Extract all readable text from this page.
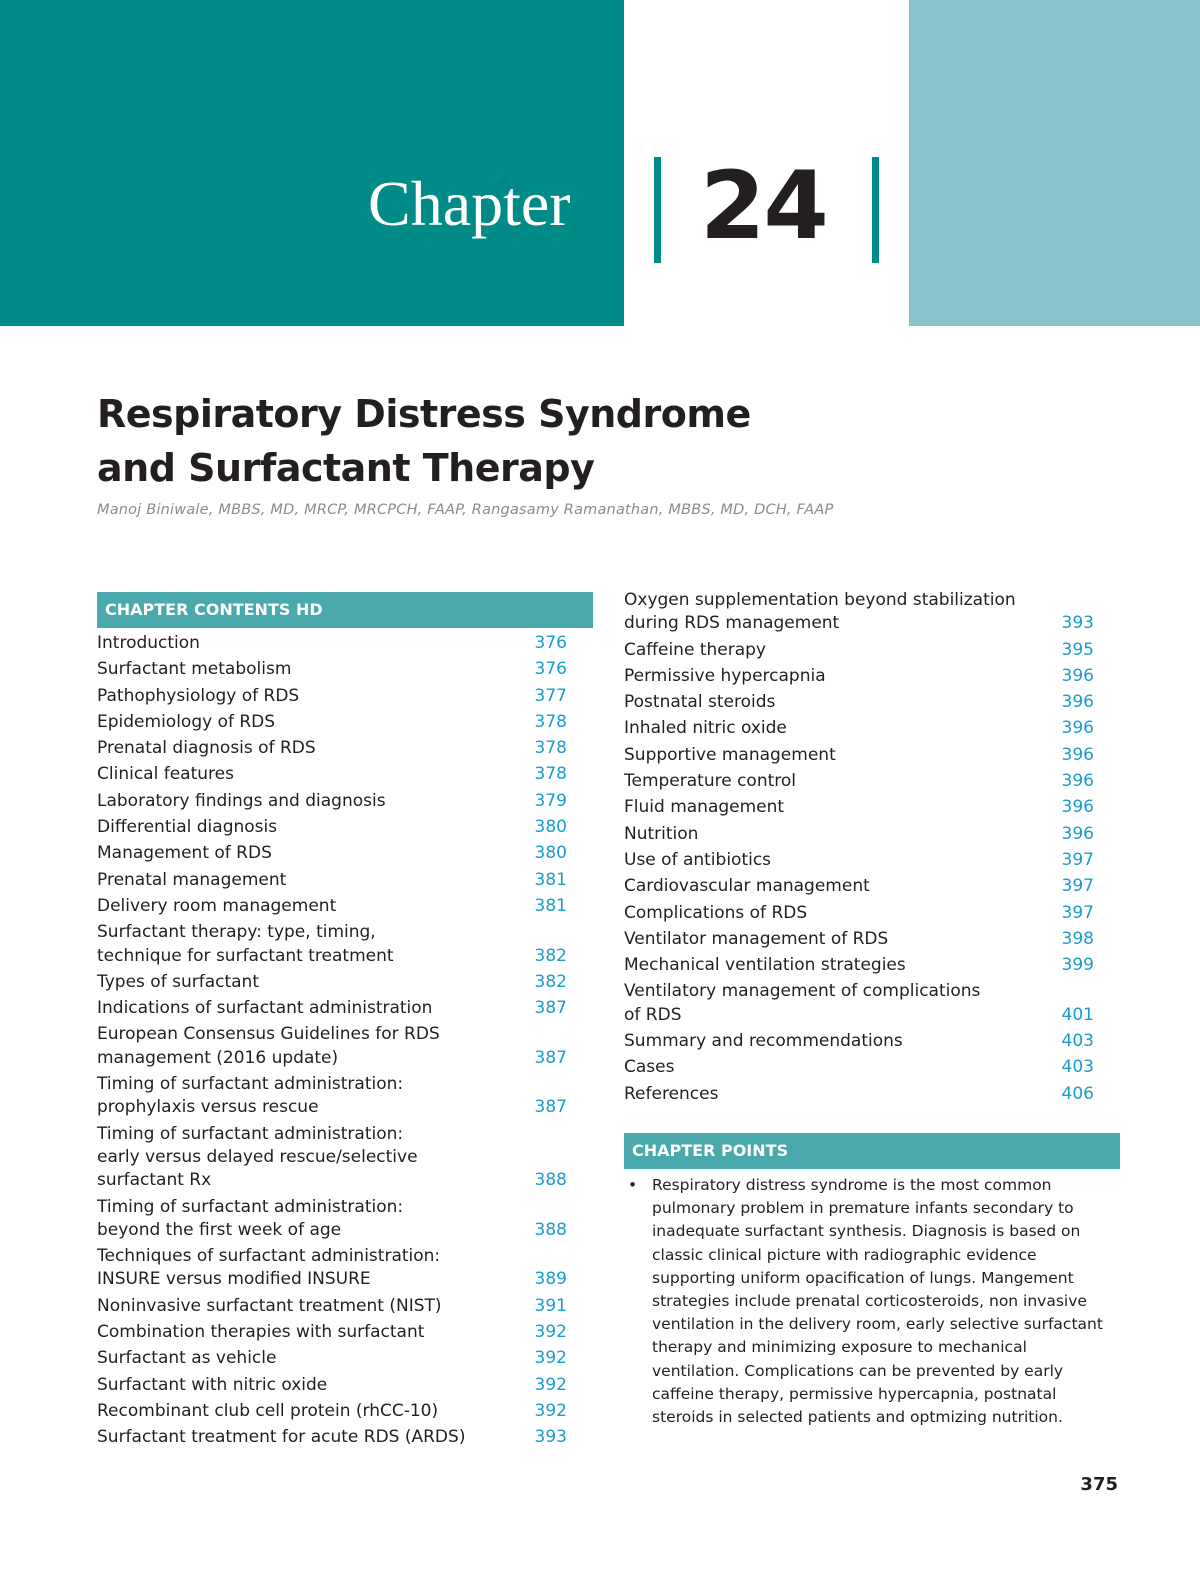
Chapter 24
Respiratory Distress Syndrome
and Surfactant Therapy
Manoj Biniwale, MBBS, MD, MRCP, MRCPCH, FAAP, Rangasamy Ramanathan, MBBS, MD, DCH, FAAP
CHAPTER CONTENTS HD
Introduction	376
Surfactant metabolism	376
Pathophysiology of RDS	377
Epidemiology of RDS	378
Prenatal diagnosis of RDS	378
Clinical features	378
Laboratory findings and diagnosis	379
Differential diagnosis	380
Management of RDS	380
Prenatal management	381
Delivery room management	381
Surfactant therapy: type, timing,
technique for surfactant treatment	382
Types of surfactant	382
Indications of surfactant administration	387
European Consensus Guidelines for RDS
management (2016 update)	387
Timing of surfactant administration:
prophylaxis versus rescue	387
Timing of surfactant administration:
early versus delayed rescue/selective
surfactant Rx	388
Timing of surfactant administration:
beyond the first week of age	388
Techniques of surfactant administration:
INSURE versus modified INSURE	389
Noninvasive surfactant treatment (NIST)	391
Combination therapies with surfactant	392
Surfactant as vehicle	392
Surfactant with nitric oxide	392
Recombinant club cell protein (rhCC-10)	392
Surfactant treatment for acute RDS (ARDS)	393
Oxygen supplementation beyond stabilization
during RDS management	393
Caffeine therapy	395
Permissive hypercapnia	396
Postnatal steroids	396
Inhaled nitric oxide	396
Supportive management	396
Temperature control	396
Fluid management	396
Nutrition	396
Use of antibiotics	397
Cardiovascular management	397
Complications of RDS	397
Ventilator management of RDS	398
Mechanical ventilation strategies	399
Ventilatory management of complications
of RDS	401
Summary and recommendations	403
Cases	403
References	406
CHAPTER POINTS
• Respiratory distress syndrome is the most common pulmonary problem in premature infants secondary to inadequate surfactant synthesis. Diagnosis is based on classic clinical picture with radiographic evidence supporting uniform opacification of lungs. Mangement strategies include prenatal corticosteroids, non invasive ventilation in the delivery room, early selective surfactant therapy and minimizing exposure to mechanical ventilation. Complications can be prevented by early caffeine therapy, permissive hypercapnia, postnatal steroids in selected patients and optmizing nutrition.
375
